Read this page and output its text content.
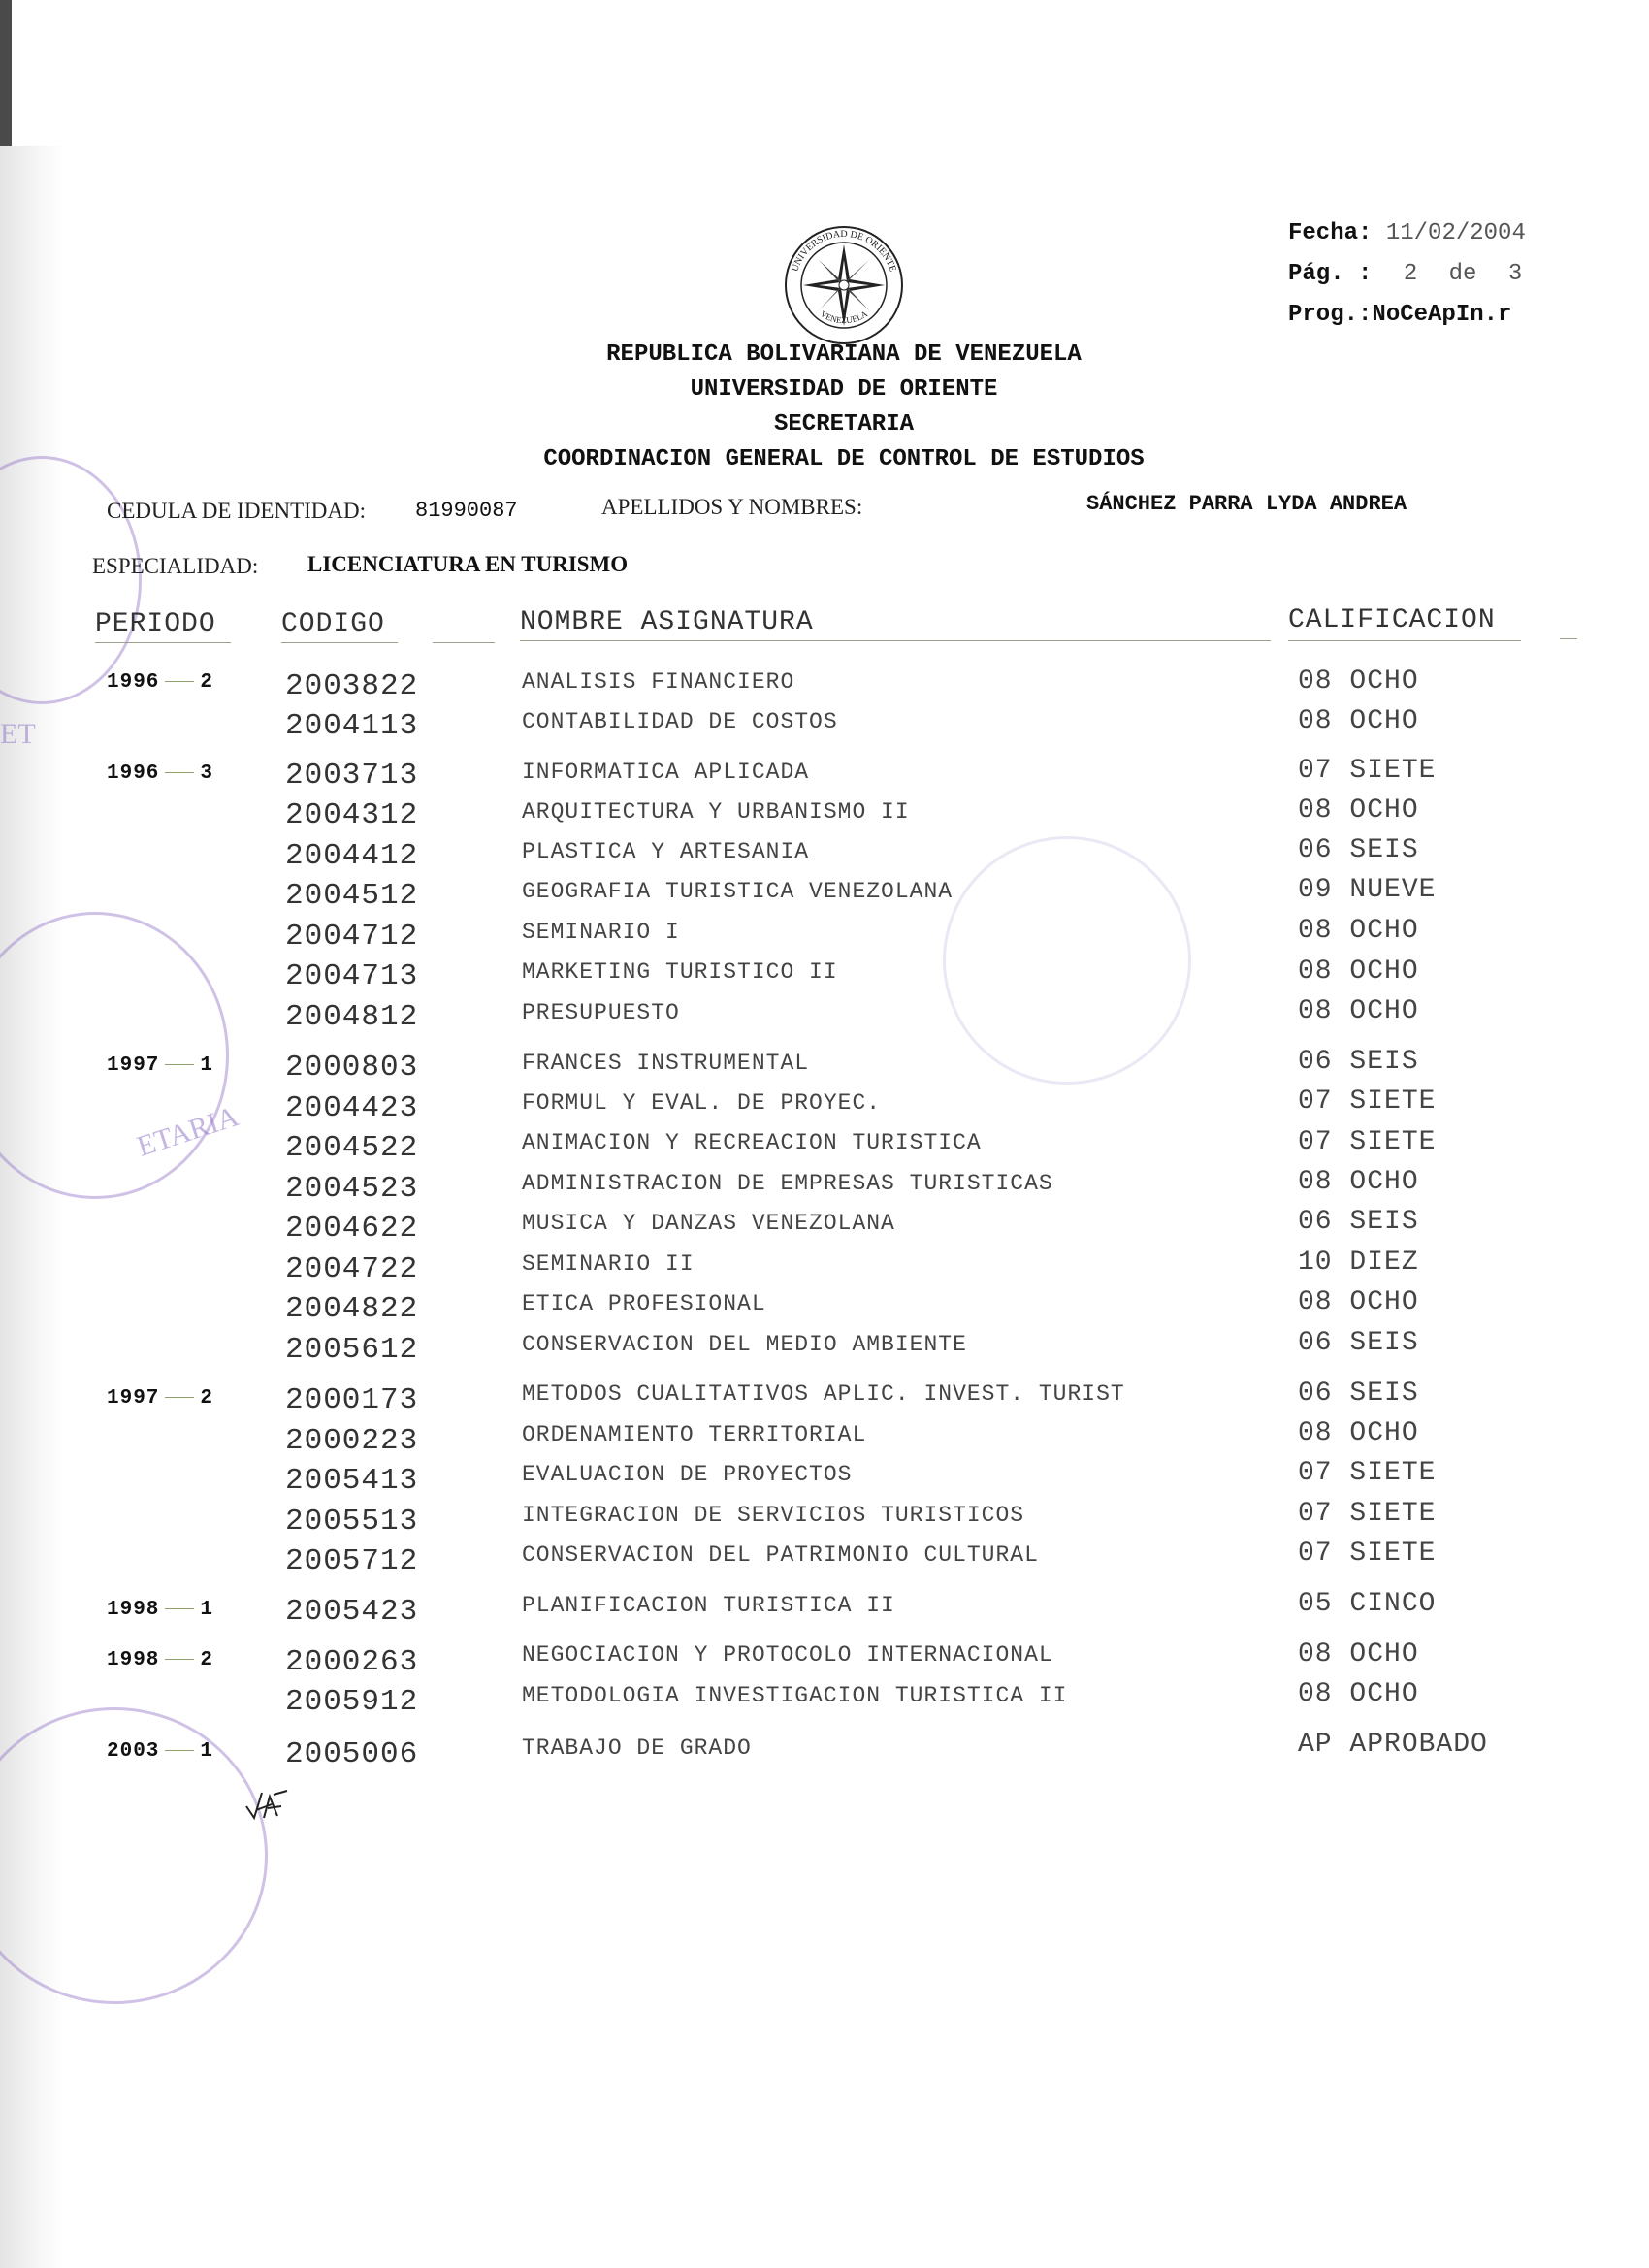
ETARIA
ET
UNIVERSIDAD DE ORIENTE
VENEZUELA
Fecha: 11/02/2004
Pág. : 2 de 3
Prog.:NoCeApIn.r
REPUBLICA BOLIVARIANA DE VENEZUELA
UNIVERSIDAD DE ORIENTE
SECRETARIA
COORDINACION GENERAL DE CONTROL DE ESTUDIOS
CEDULA DE IDENTIDAD: 81990087	APELLIDOS Y NOMBRES:	SÁNCHEZ PARRA LYDA ANDREA
ESPECIALIDAD: LICENCIATURA EN TURISMO
PERIODO CODIGO	NOMBRE ASIGNATURA	CALIFICACION
1996 2 2003822	ANALISIS FINANCIERO	08 OCHO
2004113	CONTABILIDAD DE COSTOS	08 OCHO
1996 3 2003713	INFORMATICA APLICADA	07 SIETE
2004312	ARQUITECTURA Y URBANISMO II	08 OCHO
2004412	PLASTICA Y ARTESANIA	06 SEIS
2004512	GEOGRAFIA TURISTICA VENEZOLANA	09 NUEVE
2004712	SEMINARIO I	08 OCHO
2004713	MARKETING TURISTICO II	08 OCHO
2004812	PRESUPUESTO	08 OCHO
1997 1 2000803	FRANCES INSTRUMENTAL	06 SEIS
2004423	FORMUL Y EVAL. DE PROYEC.	07 SIETE
2004522	ANIMACION Y RECREACION TURISTICA	07 SIETE
2004523	ADMINISTRACION DE EMPRESAS TURISTICAS	08 OCHO
2004622	MUSICA Y DANZAS VENEZOLANA	06 SEIS
2004722	SEMINARIO II	10 DIEZ
2004822	ETICA PROFESIONAL	08 OCHO
2005612	CONSERVACION DEL MEDIO AMBIENTE	06 SEIS
1997 2 2000173	METODOS CUALITATIVOS APLIC. INVEST. TURIST	06 SEIS
2000223	ORDENAMIENTO TERRITORIAL	08 OCHO
2005413	EVALUACION DE PROYECTOS	07 SIETE
2005513	INTEGRACION DE SERVICIOS TURISTICOS	07 SIETE
2005712	CONSERVACION DEL PATRIMONIO CULTURAL	07 SIETE
1998 1 2005423	PLANIFICACION TURISTICA II	05 CINCO
1998 2 2000263	NEGOCIACION Y PROTOCOLO INTERNACIONAL	08 OCHO
2005912	METODOLOGIA INVESTIGACION TURISTICA II	08 OCHO
2003 1 2005006	TRABAJO DE GRADO	AP APROBADO
